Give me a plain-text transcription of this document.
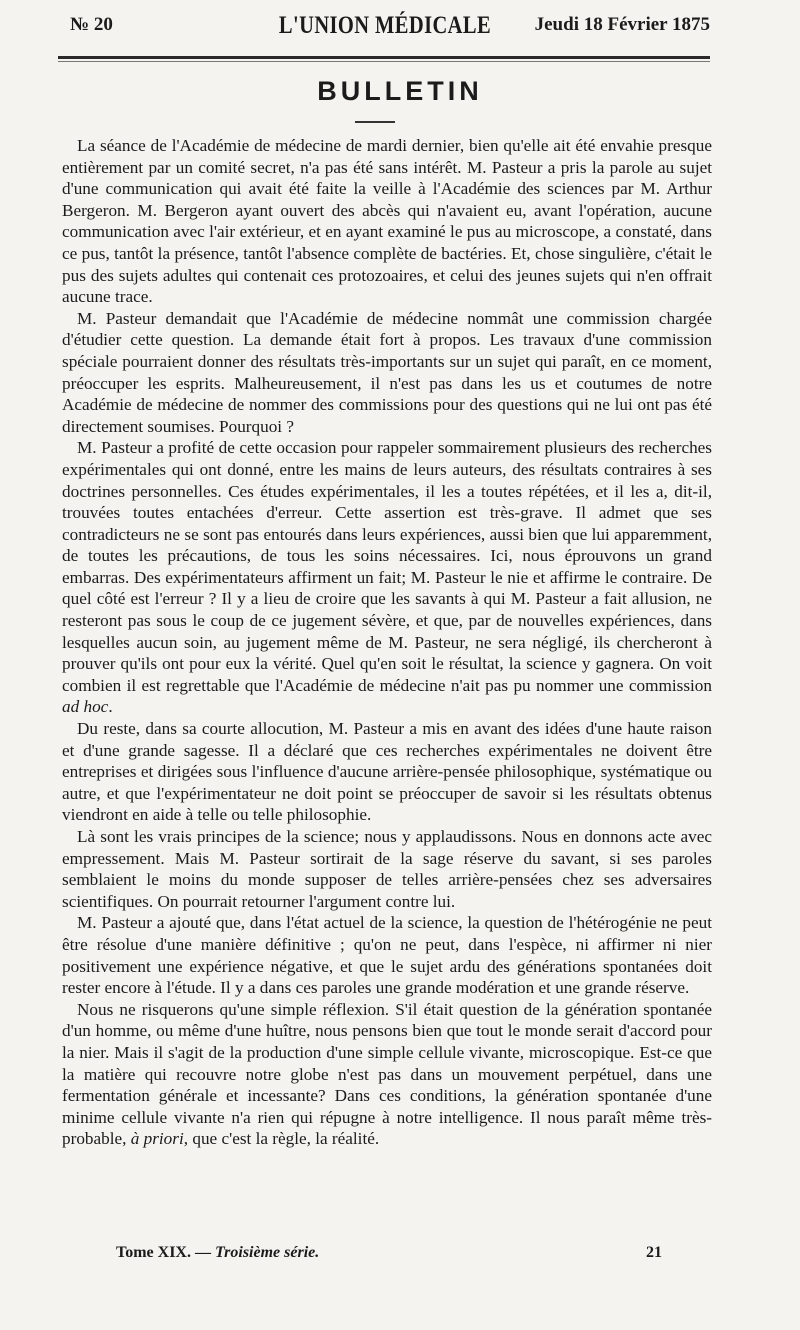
№ 20	L'UNION MÉDICALE	Jeudi 18 Février 1875
BULLETIN

La séance de l'Académie de médecine de mardi dernier, bien qu'elle ait été envahie presque entièrement par un comité secret, n'a pas été sans intérêt. M. Pasteur a pris la parole au sujet d'une communication qui avait été faite la veille à l'Académie des sciences par M. Arthur Bergeron. M. Bergeron ayant ouvert des abcès qui n'avaient eu, avant l'opération, aucune communication avec l'air extérieur, et en ayant examiné le pus au microscope, a constaté, dans ce pus, tantôt la présence, tantôt l'absence complète de bactéries. Et, chose singulière, c'était le pus des sujets adultes qui contenait ces protozoaires, et celui des jeunes sujets qui n'en offrait aucune trace.

M. Pasteur demandait que l'Académie de médecine nommât une commission chargée d'étudier cette question. La demande était fort à propos. Les travaux d'une commission spéciale pourraient donner des résultats très-importants sur un sujet qui paraît, en ce moment, préoccuper les esprits. Malheureusement, il n'est pas dans les us et coutumes de notre Académie de médecine de nommer des commissions pour des questions qui ne lui ont pas été directement soumises. Pourquoi ?

M. Pasteur a profité de cette occasion pour rappeler sommairement plusieurs des recherches expérimentales qui ont donné, entre les mains de leurs auteurs, des résultats contraires à ses doctrines personnelles. Ces études expérimentales, il les a toutes répétées, et il les a, dit-il, trouvées toutes entachées d'erreur. Cette assertion est très-grave. Il admet que ses contradicteurs ne se sont pas entourés dans leurs expériences, aussi bien que lui apparemment, de toutes les précautions, de tous les soins nécessaires. Ici, nous éprouvons un grand embarras. Des expérimentateurs affirment un fait; M. Pasteur le nie et affirme le contraire. De quel côté est l'erreur ? Il y a lieu de croire que les savants à qui M. Pasteur a fait allusion, ne resteront pas sous le coup de ce jugement sévère, et que, par de nouvelles expériences, dans lesquelles aucun soin, au jugement même de M. Pasteur, ne sera négligé, ils chercheront à prouver qu'ils ont pour eux la vérité. Quel qu'en soit le résultat, la science y gagnera. On voit combien il est regrettable que l'Académie de médecine n'ait pas pu nommer une commission ad hoc.

Du reste, dans sa courte allocution, M. Pasteur a mis en avant des idées d'une haute raison et d'une grande sagesse. Il a déclaré que ces recherches expérimentales ne doivent être entreprises et dirigées sous l'influence d'aucune arrière-pensée philosophique, systématique ou autre, et que l'expérimentateur ne doit point se préoccuper de savoir si les résultats obtenus viendront en aide à telle ou telle philosophie.

Là sont les vrais principes de la science; nous y applaudissons. Nous en donnons acte avec empressement. Mais M. Pasteur sortirait de la sage réserve du savant, si ses paroles semblaient le moins du monde supposer de telles arrière-pensées chez ses adversaires scientifiques. On pourrait retourner l'argument contre lui.

M. Pasteur a ajouté que, dans l'état actuel de la science, la question de l'hétérogénie ne peut être résolue d'une manière définitive ; qu'on ne peut, dans l'espèce, ni affirmer ni nier positivement une expérience négative, et que le sujet ardu des générations spontanées doit rester encore à l'étude. Il y a dans ces paroles une grande modération et une grande réserve.

Nous ne risquerons qu'une simple réflexion. S'il était question de la génération spontanée d'un homme, ou même d'une huître, nous pensons bien que tout le monde serait d'accord pour la nier. Mais il s'agit de la production d'une simple cellule vivante, microscopique. Est-ce que la matière qui recouvre notre globe n'est pas dans un mouvement perpétuel, dans une fermentation générale et incessante? Dans ces conditions, la génération spontanée d'une minime cellule vivante n'a rien qui répugne à notre intelligence. Il nous paraît même très-probable, à priori, que c'est la règle, la réalité.

Tome XIX. — Troisième série.	21
